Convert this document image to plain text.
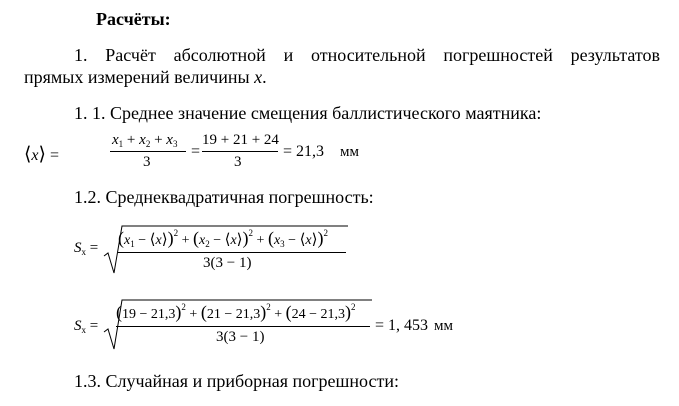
Расчёты:
1. Расчёт абсолютной и относительной погрешностей результатов
прямых измерений величины x.
1. 1. Среднее значение смещения баллистического маятника:
⟨x⟩ =
$x_1 + x_2 + x_3$
3
=
19 + 21 + 24
3
= 21,3 мм
1.2. Среднеквадратичная погрешность:
$S_x = (x_1$ − ⟨x⟩)$^2$ + ($x_2$ − ⟨x⟩)$^2$ + ($x_3$ − ⟨x⟩)$^2$
3(3 − 1)
$S_x$ =
$(19 - 21,3)^2 + (21 - 21,3)^2 + (24 - 21,3)^2$
3(3 − 1)
= 1, 453 мм
1.3. Случайная и приборная погрешности:
